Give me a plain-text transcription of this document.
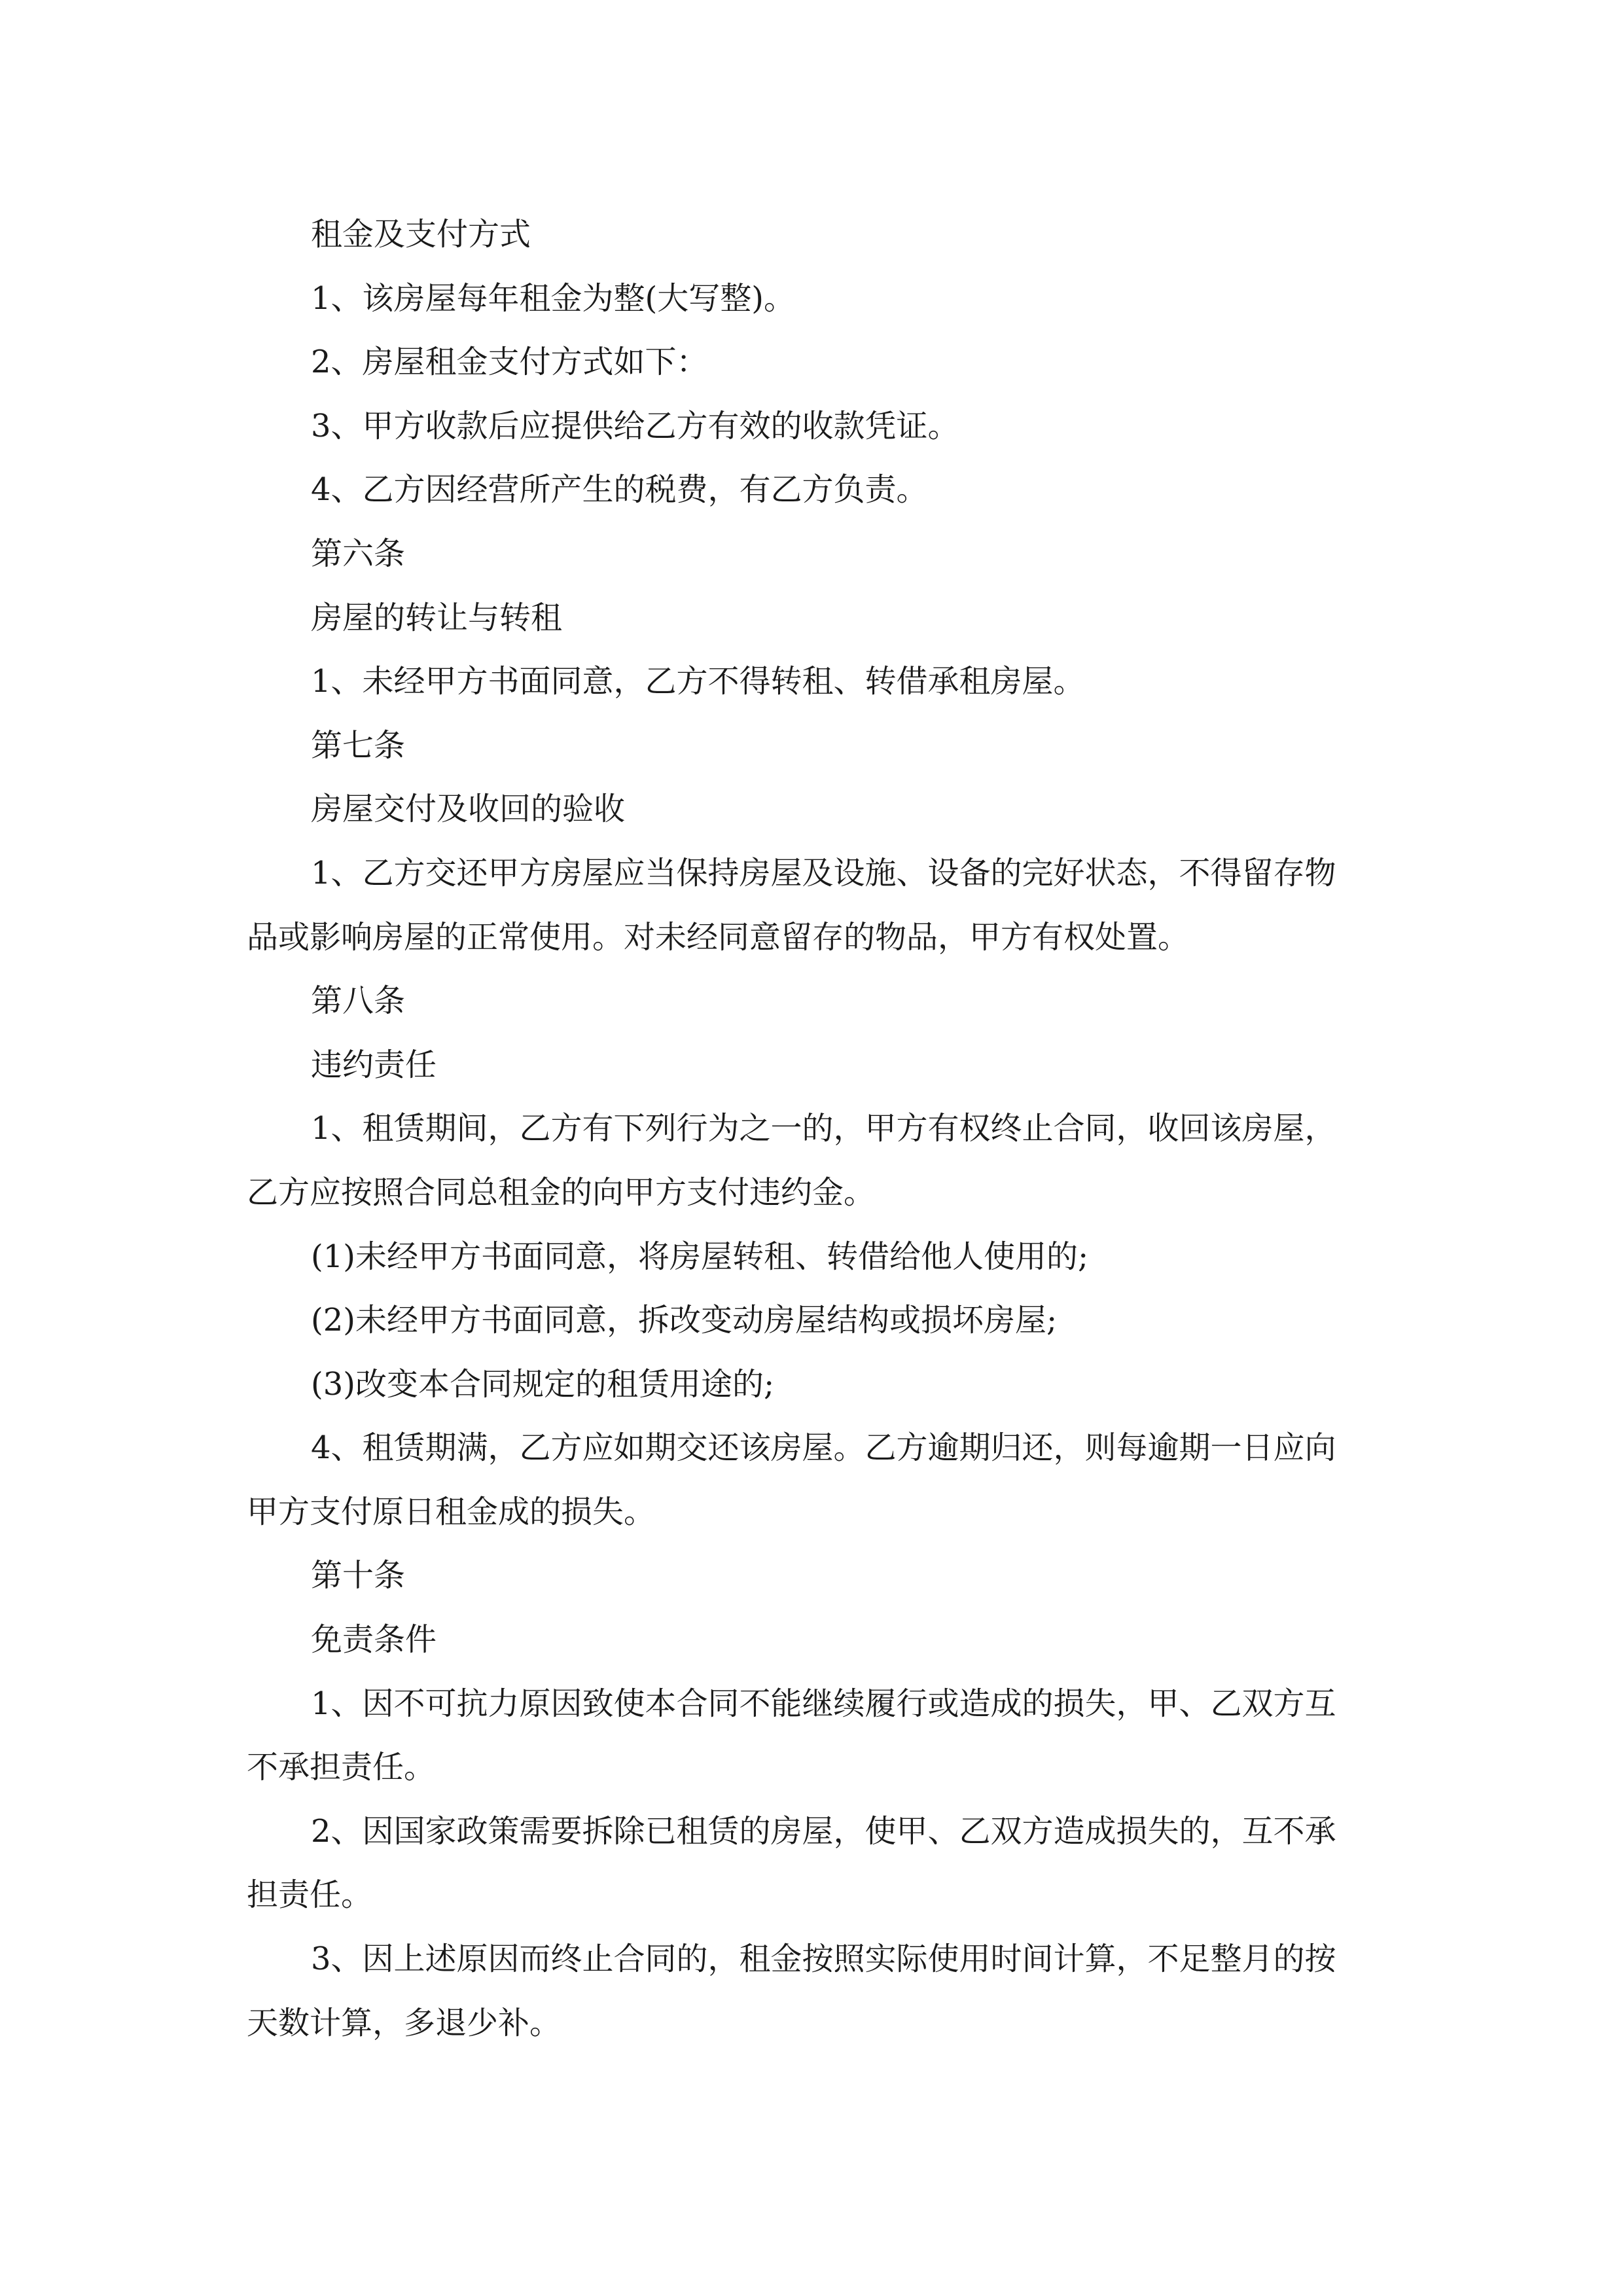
租金及支付方式
1、该房屋每年租金为整(大写整)。
2、房屋租金支付方式如下：
3、甲方收款后应提供给乙方有效的收款凭证。
4、乙方因经营所产生的税费，有乙方负责。
第六条
房屋的转让与转租
1、未经甲方书面同意，乙方不得转租、转借承租房屋。
第七条
房屋交付及收回的验收
1、乙方交还甲方房屋应当保持房屋及设施、设备的完好状态，不得留存物
品或影响房屋的正常使用。对未经同意留存的物品，甲方有权处置。
第八条
违约责任
1、租赁期间，乙方有下列行为之一的，甲方有权终止合同，收回该房屋，
乙方应按照合同总租金的向甲方支付违约金。
(1)未经甲方书面同意，将房屋转租、转借给他人使用的;
(2)未经甲方书面同意，拆改变动房屋结构或损坏房屋;
(3)改变本合同规定的租赁用途的;
4、租赁期满，乙方应如期交还该房屋。乙方逾期归还，则每逾期一日应向
甲方支付原日租金成的损失。
第十条
免责条件
1、因不可抗力原因致使本合同不能继续履行或造成的损失，甲、乙双方互
不承担责任。
2、因国家政策需要拆除已租赁的房屋，使甲、乙双方造成损失的，互不承
担责任。
3、因上述原因而终止合同的，租金按照实际使用时间计算，不足整月的按
天数计算，多退少补。
